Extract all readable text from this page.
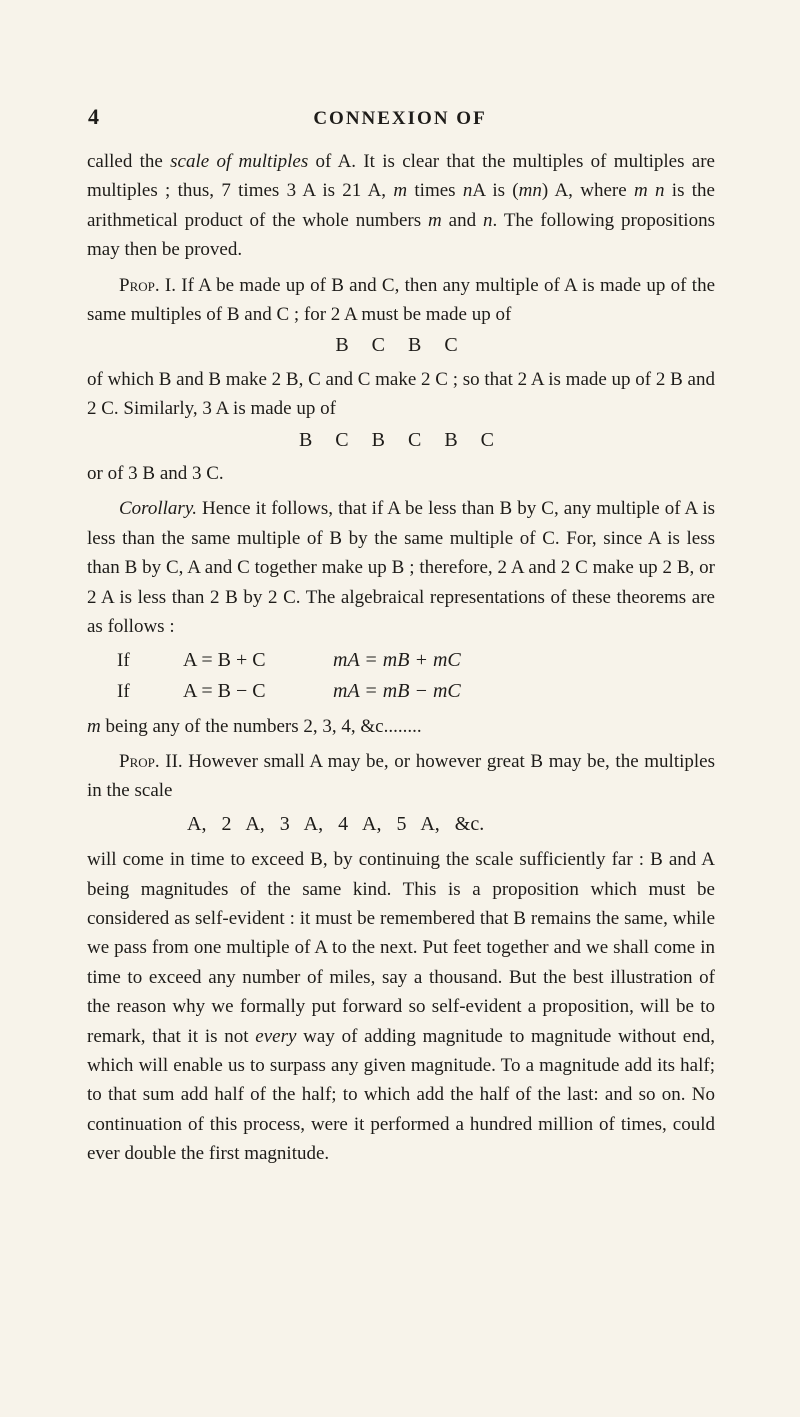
4	CONNEXION OF

called the scale of multiples of A. It is clear that the multiples of multiples are multiples ; thus, 7 times 3 A is 21 A, m times nA is (mn) A, where m n is the arithmetical product of the whole numbers m and n. The following propositions may then be proved.

Prop. I. If A be made up of B and C, then any multiple of A is made up of the same multiples of B and C ; for 2 A must be made up of

B C B C

of which B and B make 2 B, C and C make 2 C ; so that 2 A is made up of 2 B and 2 C. Similarly, 3 A is made up of

B C B C B C

or of 3 B and 3 C.

Corollary. Hence it follows, that if A be less than B by C, any multiple of A is less than the same multiple of B by the same multiple of C. For, since A is less than B by C, A and C together make up B ; therefore, 2 A and 2 C make up 2 B, or 2 A is less than 2 B by 2 C. The algebraical representations of these theorems are as follows :

If	A = B + C	mA = mB + mC
If	A = B − C	mA = mB − mC

m being any of the numbers 2, 3, 4, &c........

Prop. II. However small A may be, or however great B may be, the multiples in the scale

A, 2 A, 3 A, 4 A, 5 A, &c.

will come in time to exceed B, by continuing the scale sufficiently far : B and A being magnitudes of the same kind. This is a proposition which must be considered as self-evident : it must be remembered that B remains the same, while we pass from one multiple of A to the next. Put feet together and we shall come in time to exceed any number of miles, say a thousand. But the best illustration of the reason why we formally put forward so self-evident a proposition, will be to remark, that it is not every way of adding magnitude to magnitude without end, which will enable us to surpass any given magnitude. To a magnitude add its half; to that sum add half of the half; to which add the half of the last: and so on. No continuation of this process, were it performed a hundred million of times, could ever double the first magnitude.
